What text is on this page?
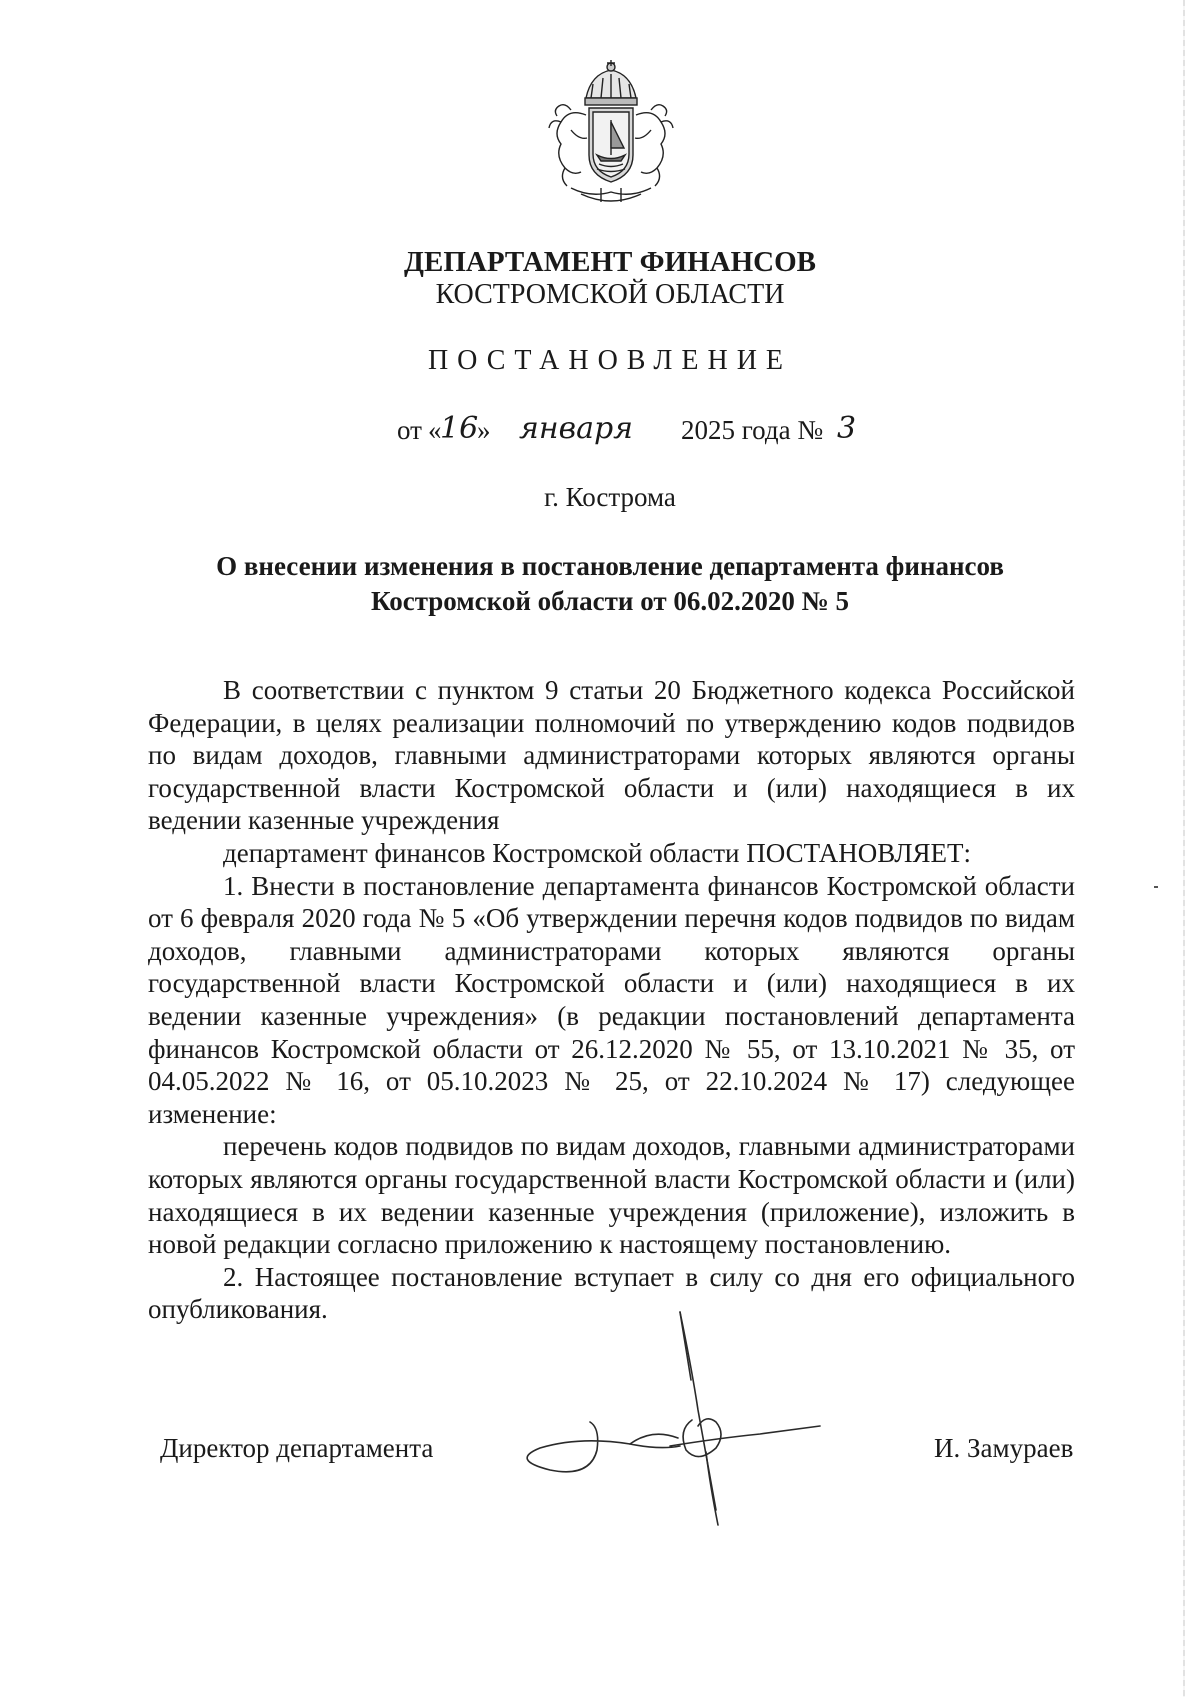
ДЕПАРТАМЕНТ ФИНАНСОВ
КОСТРОМСКОЙ ОБЛАСТИ
ПОСТАНОВЛЕНИЕ
от «
16
» января 2025 года № 3
г. Кострома
О внесении изменения в постановление департамента финансов
Костромской области от 06.02.2020 № 5

В соответствии с пунктом 9 статьи 20 Бюджетного кодекса Российской Федерации, в целях реализации полномочий по утверждению кодов подвидов по видам доходов, главными администраторами которых являются органы государственной власти Костромской области и (или) находящиеся в их ведении казенные учреждения

департамент финансов Костромской области ПОСТАНОВЛЯЕТ:

1. Внести в постановление департамента финансов Костромской области от 6 февраля 2020 года № 5 «Об утверждении перечня кодов подвидов по видам доходов, главными администраторами которых являются органы государственной власти Костромской области и (или) находящиеся в их ведении казенные учреждения» (в редакции постановлений департамента финансов Костромской области от 26.12.2020 № 55, от 13.10.2021 № 35, от 04.05.2022 № 16, от 05.10.2023 № 25, от 22.10.2024 № 17) следующее изменение:

перечень кодов подвидов по видам доходов, главными администраторами которых являются органы государственной власти Костромской области и (или) находящиеся в их ведении казенные учреждения (приложение), изложить в новой редакции согласно приложению к настоящему постановлению.

2. Настоящее постановление вступает в силу со дня его официального опубликования.

Директор департамента	И. Замураев
